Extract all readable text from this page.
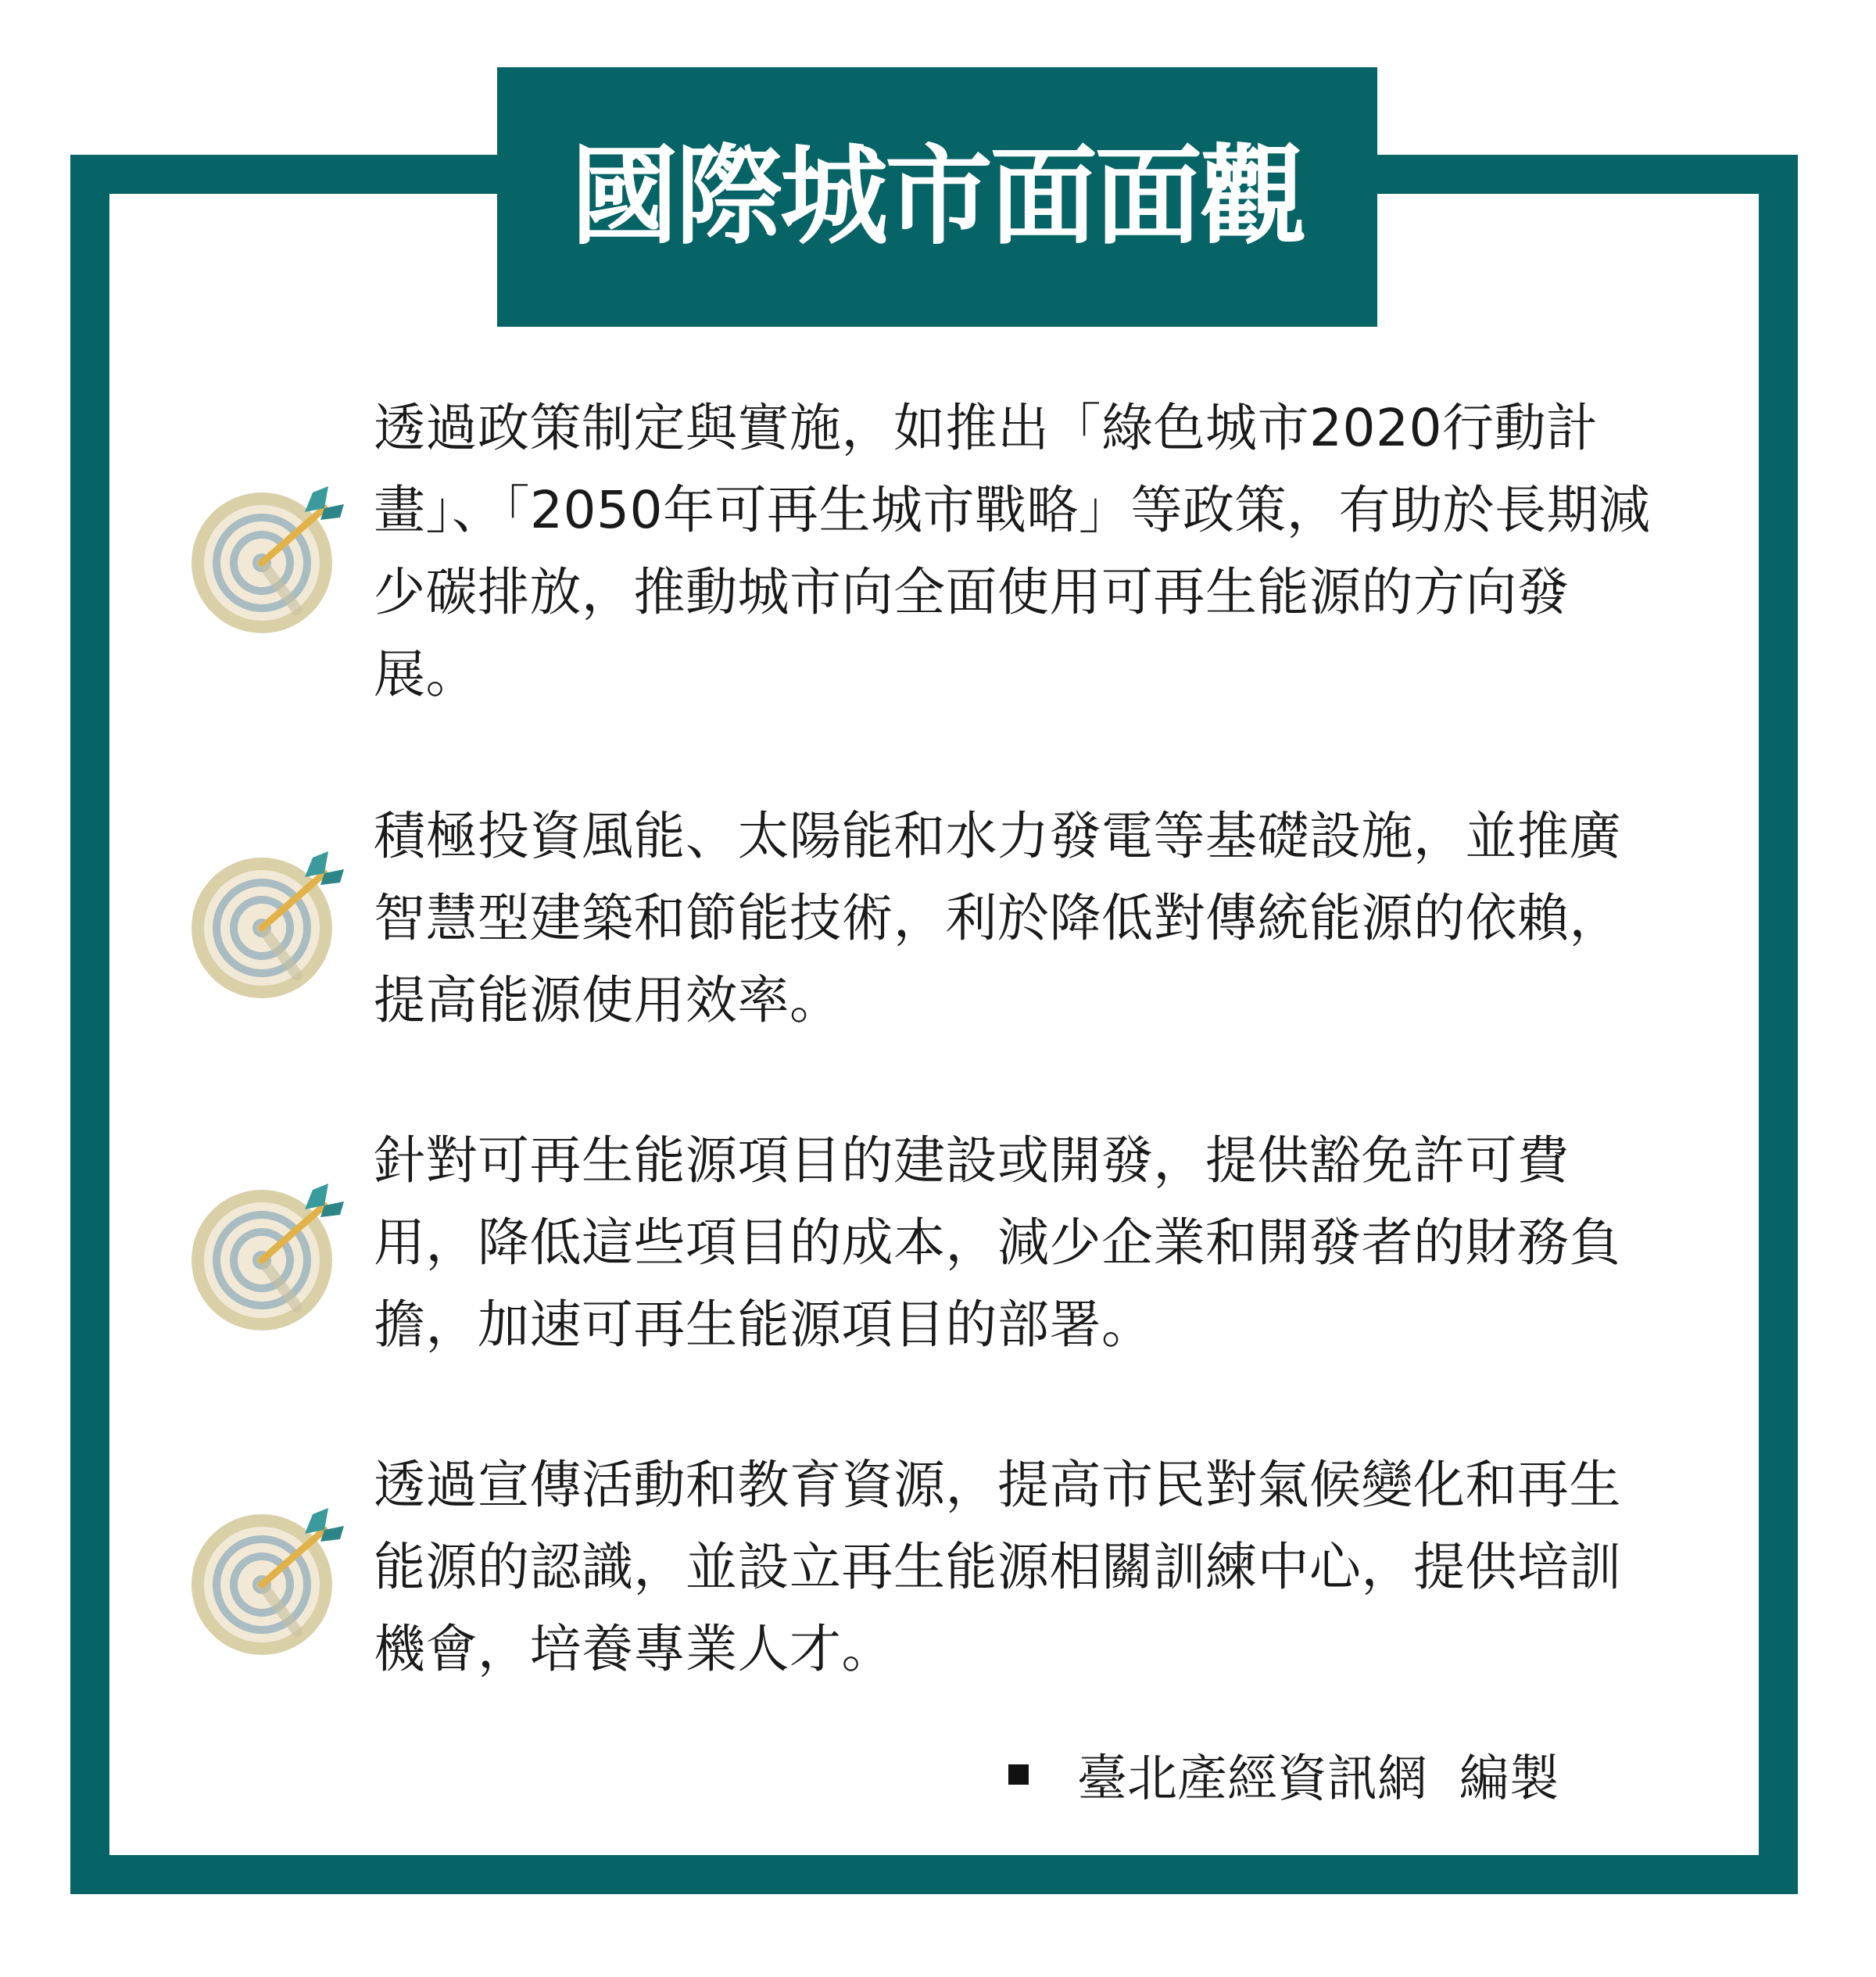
國際城市面面觀
透過政策制定與實施，如推出「綠色城市2020行動計畫」、「2050年可再生城市戰略」等政策，有助於長期減少碳排放，推動城市向全面使用可再生能源的方向發展。
積極投資風能、太陽能和水力發電等基礎設施，並推廣智慧型建築和節能技術，利於降低對傳統能源的依賴，提高能源使用效率。
針對可再生能源項目的建設或開發，提供豁免許可費用，降低這些項目的成本，減少企業和開發者的財務負擔，加速可再生能源項目的部署。
透過宣傳活動和教育資源，提高市民對氣候變化和再生能源的認識，並設立再生能源相關訓練中心，提供培訓機會，培養專業人才。
臺北產經資訊網  編製
